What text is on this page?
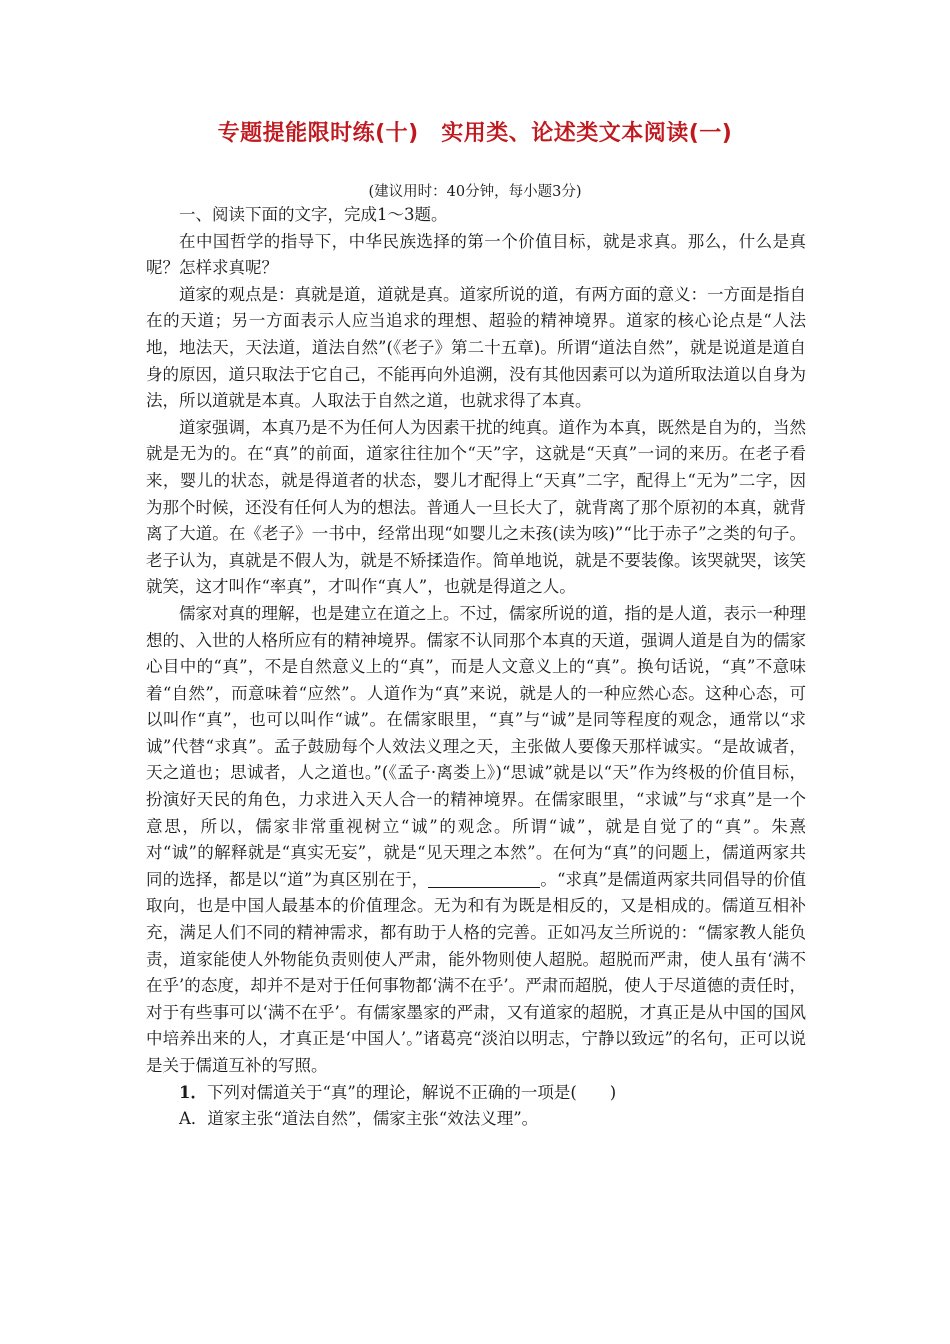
专题提能限时练(十)　实用类、论述类文本阅读(一)
(建议用时：40分钟，每小题3分)

一、阅读下面的文字，完成1～3题。

在中国哲学的指导下，中华民族选择的第一个价值目标，就是求真。那么，什么是真呢？怎样求真呢？

道家的观点是：真就是道，道就是真。道家所说的道，有两方面的意义：一方面是指自在的天道；另一方面表示人应当追求的理想、超验的精神境界。道家的核心论点是“人法地，地法天，天法道，道法自然”(《老子》第二十五章)。所谓“道法自然”，就是说道是道自身的原因，道只取法于它自己，不能再向外追溯，没有其他因素可以为道所取法道以自身为法，所以道就是本真。人取法于自然之道，也就求得了本真。

道家强调，本真乃是不为任何人为因素干扰的纯真。道作为本真，既然是自为的，当然就是无为的。在“真”的前面，道家往往加个“天”字，这就是“天真”一词的来历。在老子看来，婴儿的状态，就是得道者的状态，婴儿才配得上“天真”二字，配得上“无为”二字，因为那个时候，还没有任何人为的想法。普通人一旦长大了，就背离了那个原初的本真，就背离了大道。在《老子》一书中，经常出现“如婴儿之未孩(读为咳)”“比于赤子”之类的句子。老子认为，真就是不假人为，就是不矫揉造作。简单地说，就是不要装像。该哭就哭，该笑就笑，这才叫作“率真”，才叫作“真人”，也就是得道之人。

儒家对真的理解，也是建立在道之上。不过，儒家所说的道，指的是人道，表示一种理想的、入世的人格所应有的精神境界。儒家不认同那个本真的天道，强调人道是自为的儒家心目中的“真”，不是自然意义上的“真”，而是人文意义上的“真”。换句话说，“真”不意味着“自然”，而意味着“应然”。人道作为“真”来说，就是人的一种应然心态。这种心态，可以叫作“真”，也可以叫作“诚”。在儒家眼里，“真”与“诚”是同等程度的观念，通常以“求诚”代替“求真”。孟子鼓励每个人效法义理之天，主张做人要像天那样诚实。“是故诚者，天之道也；思诚者，人之道也。”(《孟子·离娄上》)“思诚”就是以“天”作为终极的价值目标，扮演好天民的角色，力求进入天人合一的精神境界。在儒家眼里，“求诚”与“求真”是一个意思，所以，儒家非常重视树立“诚”的观念。所谓“诚”，就是自觉了的“真”。朱熹对“诚”的解释就是“真实无妄”，就是“见天理之本然”。在何为“真”的问题上，儒道两家共同的选择，都是以“道”为真区别在于，	。“求真”是儒道两家共同倡导的价值取向，也是中国人最基本的价值理念。无为和有为既是相反的，又是相成的。儒道互相补充，满足人们不同的精神需求，都有助于人格的完善。正如冯友兰所说的：“儒家教人能负责，道家能使人外物能负责则使人严肃，能外物则使人超脱。超脱而严肃，使人虽有‘满不在乎’的态度，却并不是对于任何事物都‘满不在乎’。严肃而超脱，使人于尽道德的责任时，对于有些事可以‘满不在乎’。有儒家墨家的严肃，又有道家的超脱，才真正是从中国的国风中培养出来的人，才真正是‘中国人’。”诸葛亮“淡泊以明志，宁静以致远”的名句，正可以说是关于儒道互补的写照。

1．下列对儒道关于“真”的理论，解说不正确的一项是(　　)

A．道家主张“道法自然”，儒家主张“效法义理”。
